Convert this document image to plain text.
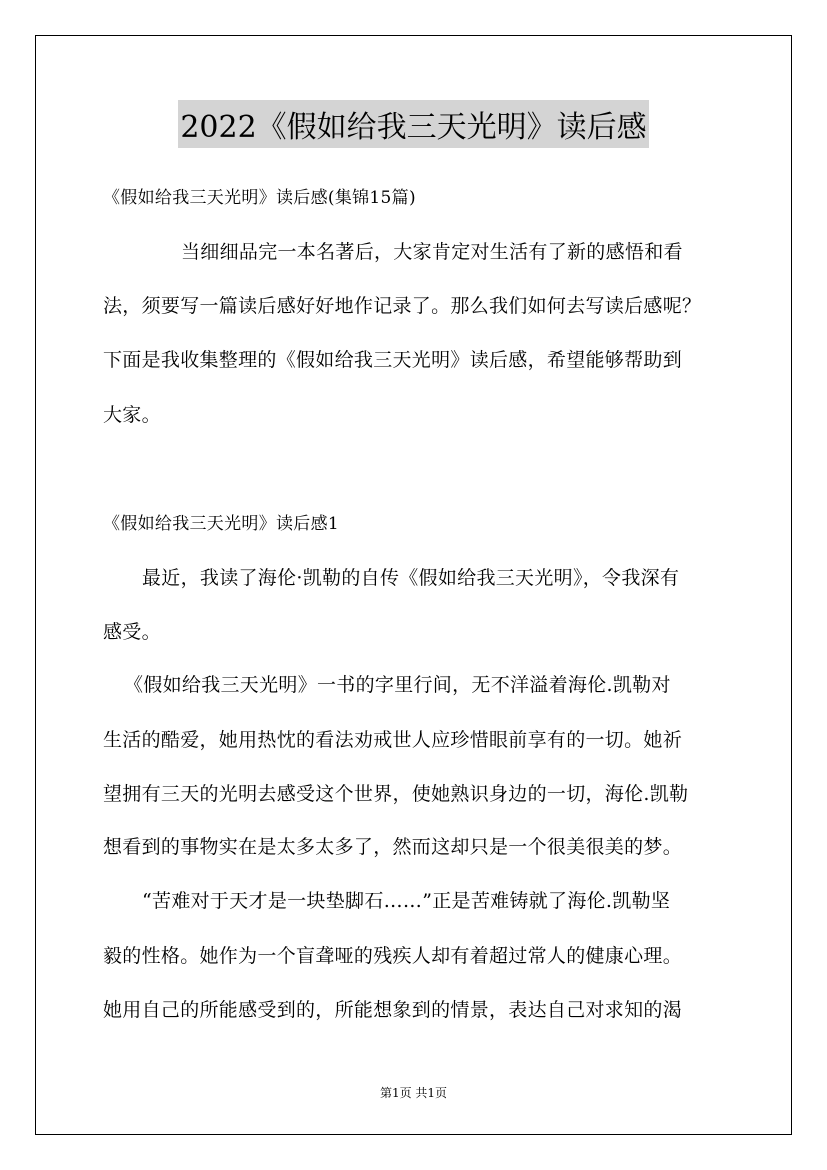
2022《假如给我三天光明》读后感
《假如给我三天光明》读后感(集锦15篇)
当细细品完一本名著后，大家肯定对生活有了新的感悟和看
法，须要写一篇读后感好好地作记录了。那么我们如何去写读后感呢？
下面是我收集整理的《假如给我三天光明》读后感，希望能够帮助到
大家。
《假如给我三天光明》读后感1
最近，我读了海伦·凯勒的自传《假如给我三天光明》，令我深有
感受。
《假如给我三天光明》一书的字里行间，无不洋溢着海伦.凯勒对
生活的酷爱，她用热忱的看法劝戒世人应珍惜眼前享有的一切。她祈
望拥有三天的光明去感受这个世界，使她熟识身边的一切，海伦.凯勒
想看到的事物实在是太多太多了，然而这却只是一个很美很美的梦。
“苦难对于天才是一块垫脚石……”正是苦难铸就了海伦.凯勒坚
毅的性格。她作为一个盲聋哑的残疾人却有着超过常人的健康心理。
她用自己的所能感受到的，所能想象到的情景，表达自己对求知的渴
第1页 共1页
